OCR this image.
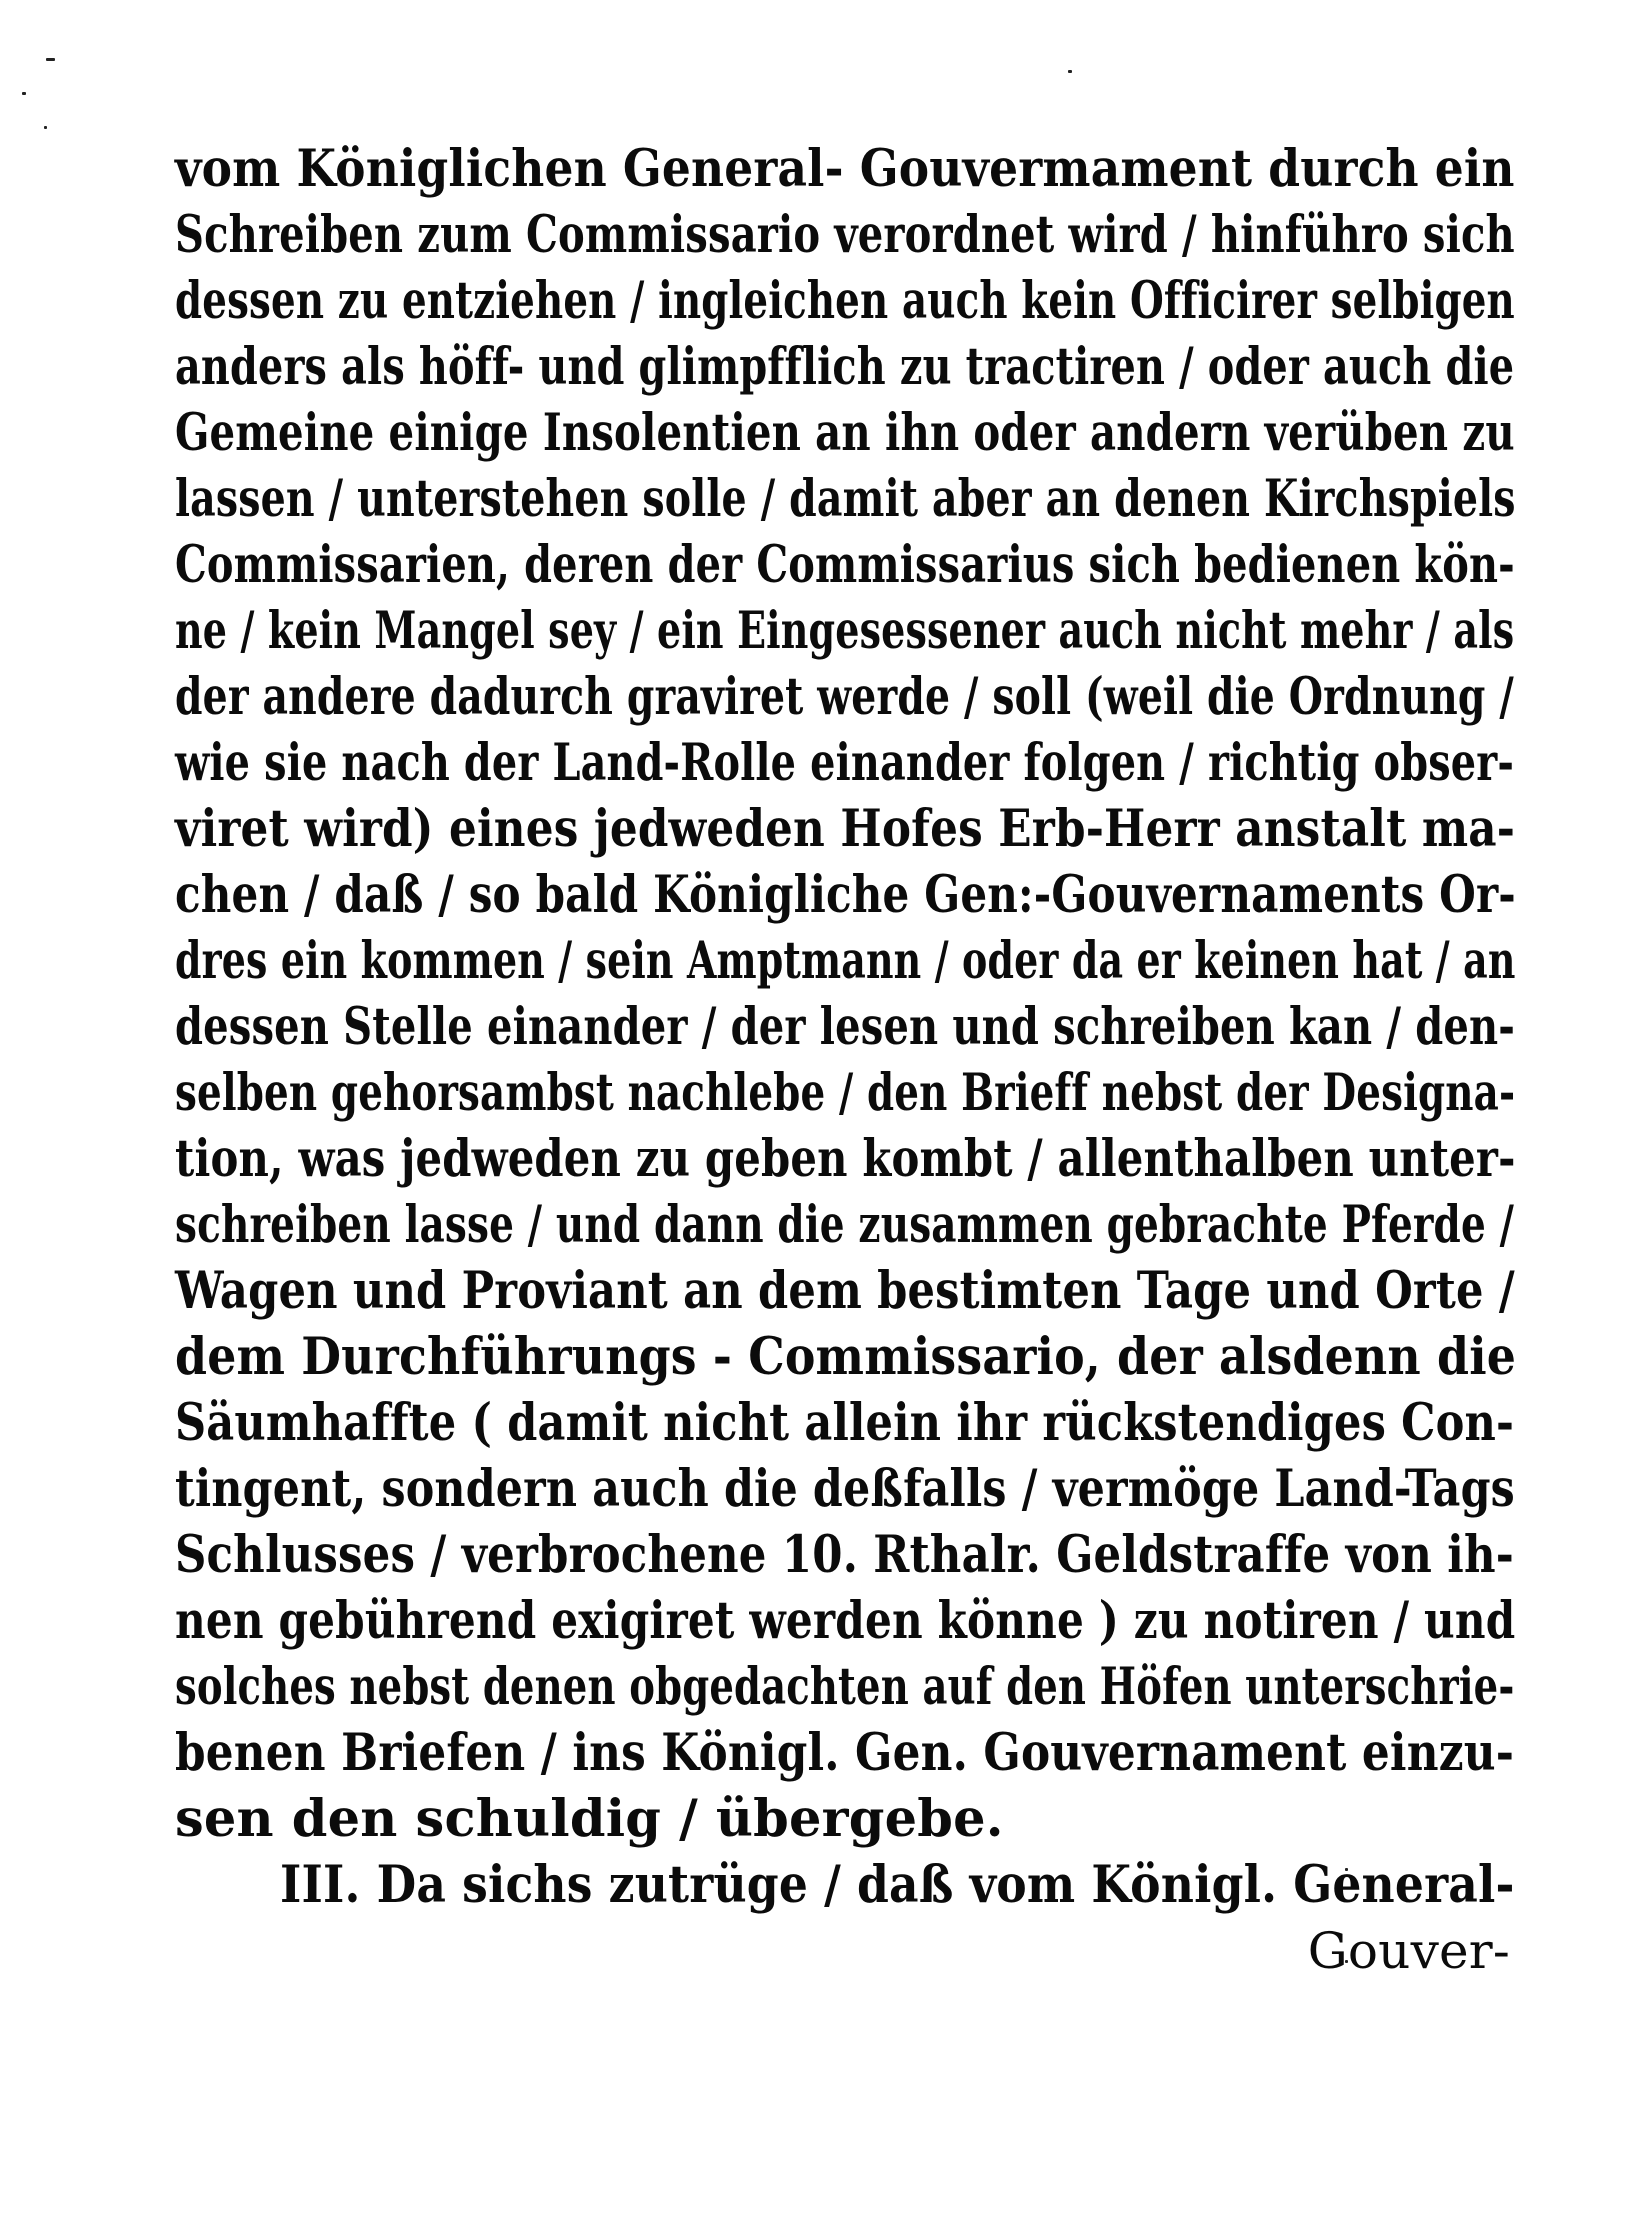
vom Königlichen General- Gouvermament durch ein
Schreiben zum Commissario verordnet wird / hinführo sich
dessen zu entziehen / ingleichen auch kein Officirer selbigen
anders als höff- und glimpfflich zu tractiren / oder auch die
Gemeine einige Insolentien an ihn oder andern verüben zu
lassen / unterstehen solle / damit aber an denen Kirchspiels
Commissarien, deren der Commissarius sich bedienen kön-
ne / kein Mangel sey / ein Eingesessener auch nicht mehr / als
der andere dadurch graviret werde / soll (weil die Ordnung /
wie sie nach der Land-Rolle einander folgen / richtig obser-
viret wird) eines jedweden Hofes Erb-Herr anstalt ma-
chen / daß / so bald Königliche Gen:-Gouvernaments Or-
dres ein kommen / sein Amptmann / oder da er keinen hat / an
dessen Stelle einander / der lesen und schreiben kan / den-
selben gehorsambst nachlebe / den Brieff nebst der Designa-
tion, was jedweden zu geben kombt / allenthalben unter-
schreiben lasse / und dann die zusammen gebrachte Pferde /
Wagen und Proviant an dem bestimten Tage und Orte /
dem Durchführungs - Commissario, der alsdenn die
Säumhaffte ( damit nicht allein ihr rückstendiges Con-
tingent, sondern auch die deßfalls / vermöge Land-Tags
Schlusses / verbrochene 10. Rthalr. Geldstraffe von ih-
nen gebührend exigiret werden könne ) zu notiren / und
solches nebst denen obgedachten auf den Höfen unterschrie-
benen Briefen / ins Königl. Gen. Gouvernament einzu-
sen den schuldig / übergebe.
III. Da sichs zutrüge / daß vom Königl. General-
Gouver-
